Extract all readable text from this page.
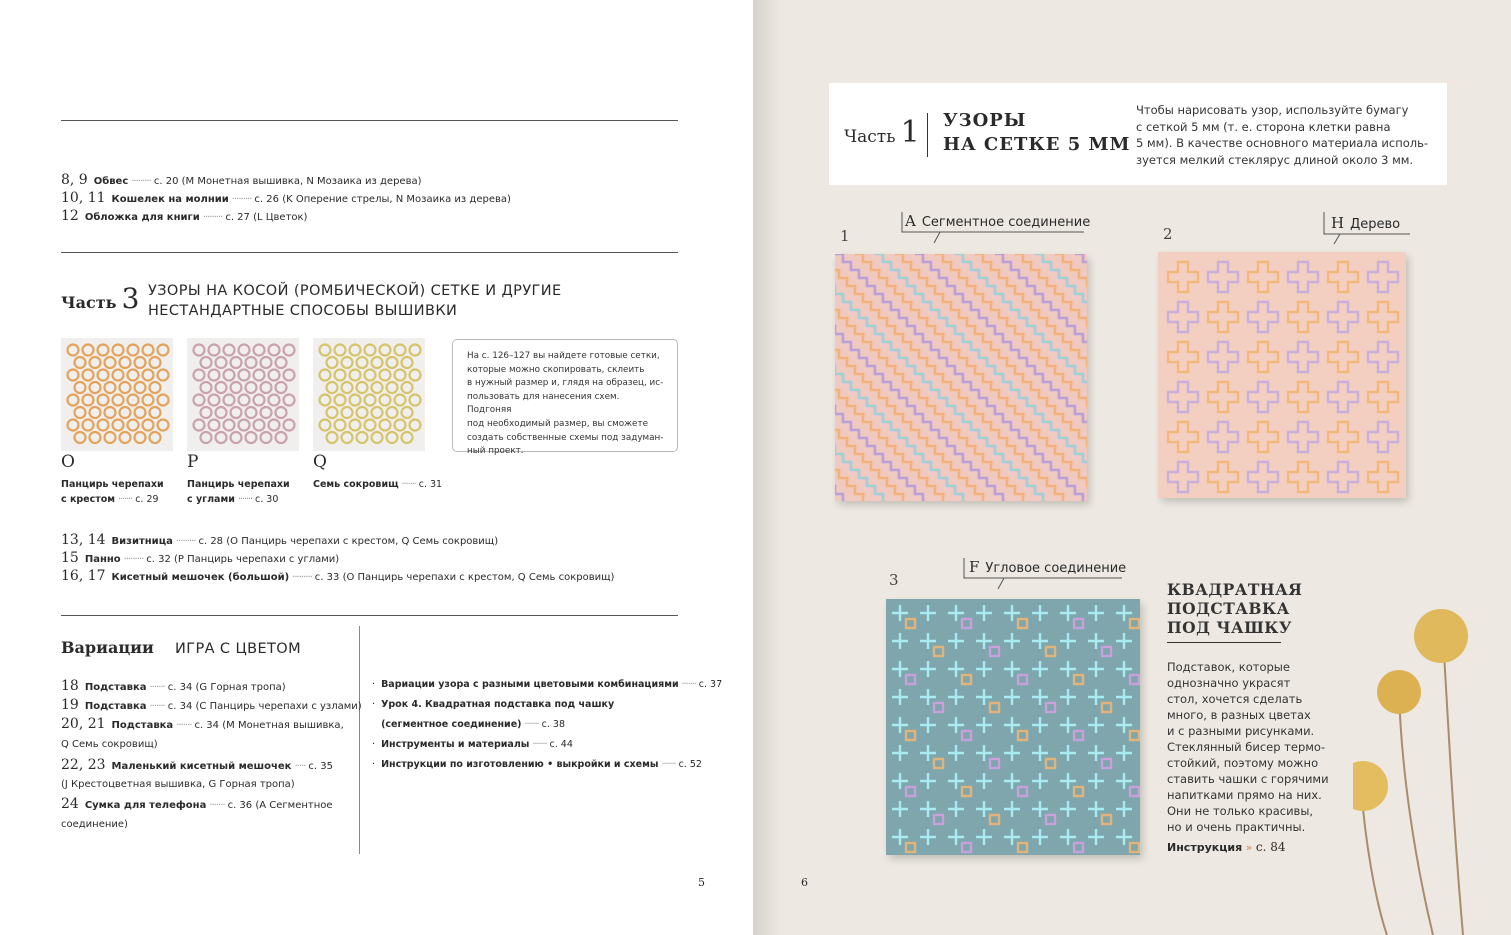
8, 9 Обвес ········· с. 20 (M Монетная вышивка, N Мозаика из дерева)
10, 11 Кошелек на молнии ········· с. 26 (K Оперение стрелы, N Мозаика из дерева)
12 Обложка для книги ········· с. 27 (L Цветок)
Часть 3 УЗОРЫ НА КОСОЙ (РОМБИЧЕСКОЙ) СЕТКЕ И ДРУГИЕ
НЕСТАНДАРТНЫЕ СПОСОБЫ ВЫШИВКИ
O	P	Q
Панцирь черепахи
с крестом ······· с. 29
Панцирь черепахи
с углами ······· с. 30
Семь сокровищ ······· с. 31
На с. 126–127 вы найдете готовые сетки,
которые можно скопировать, склеить
в нужный размер и, глядя на образец, ис-
пользовать для нанесения схем. Подгоняя
под необходимый размер, вы сможете
создать собственные схемы под задуман-
ный проект.
13, 14 Визитница ········· с. 28 (O Панцирь черепахи с крестом, Q Семь сокровищ)
15 Панно ········· с. 32 (P Панцирь черепахи с углами)
16, 17 Кисетный мешочек (большой) ········· с. 33 (O Панцирь черепахи с крестом, Q Семь сокровищ)
Вариации ИГРА С ЦВЕТОМ
18 Подставка ······· с. 34 (G Горная тропа)
19 Подставка ······· с. 34 (C Панцирь черепахи с узлами)
20, 21 Подставка ······· с. 34 (M Монетная вышивка,
Q Семь сокровищ)
22, 23 Маленький кисетный мешочек ····· с. 35
(J Крестоцветная вышивка, G Горная тропа)
24 Сумка для телефона ······· с. 36 (A Сегментное
соединение)
·  Вариации узора с разными цветовыми комбинациями ······· с. 37
·  Урок 4. Квадратная подставка под чашку
(сегментное соединение) ······· с. 38
·  Инструменты и материалы ······· с. 44
·  Инструкции по изготовлению • выкройки и схемы ······· с. 52
5
Часть 1 УЗОРЫ
НА СЕТКЕ 5 ММ
Чтобы нарисовать узор, используйте бумагу
с сеткой 5 мм (т. е. сторона клетки равна
5 мм). В качестве основного материала исполь-
зуется мелкий стеклярус длиной около 3 мм.
1
A Сегментное соединение
2
H Дерево
3
F Угловое соединение
КВАДРАТНАЯ
ПОДСТАВКА
ПОД ЧАШКУ
Подставок, которые
однозначно украсят
стол, хочется сделать
много, в разных цветах
и с разными рисунками.
Стеклянный бисер термо-
стойкий, поэтому можно
ставить чашки с горячими
напитками прямо на них.
Они не только красивы,
но и очень практичны.
Инструкция » с. 84
6
